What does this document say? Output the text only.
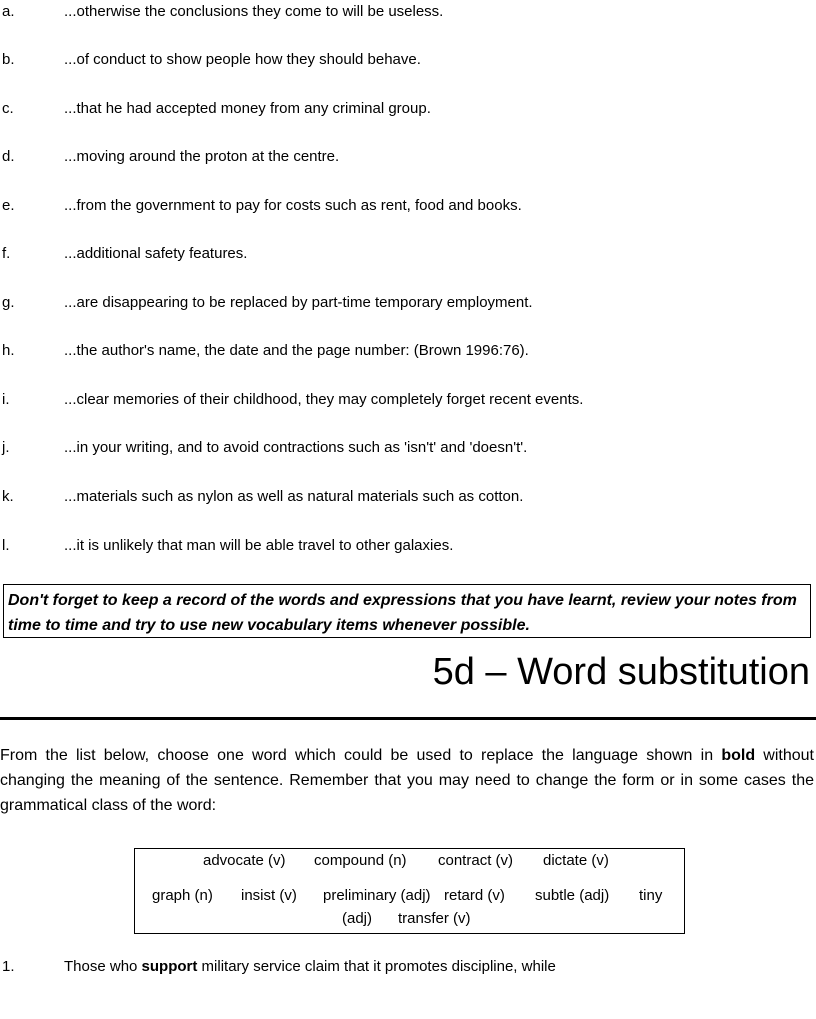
a.	...otherwise the conclusions they come to will be useless.
b.	...of conduct to show people how they should behave.
c.	...that he had accepted money from any criminal group.
d.	...moving around the proton at the centre.
e.	...from the government to pay for costs such as rent, food and books.
f.	...additional safety features.
g.	...are disappearing to be replaced by part-time temporary employment.
h.	...the author's name, the date and the page number: (Brown 1996:76).
i.	...clear memories of their childhood, they may completely forget recent events.
j.	...in your writing, and to avoid contractions such as 'isn't' and 'doesn't'.
k.	...materials such as nylon as well as natural materials such as cotton.
l.	...it is unlikely that man will be able travel to other galaxies.
Don't forget to keep a record of the words and expressions that you have learnt, review your notes from time to time and try to use new vocabulary items whenever possible.
5d – Word substitution
From the list below, choose one word which could be used to replace the language shown in bold without changing the meaning of the sentence. Remember that you may need to change the form or in some cases the grammatical class of the word:
advocate (v) compound (n) contract (v) dictate (v)
graph (n) insist (v) preliminary (adj) retard (v) subtle (adj) tiny
(adj) transfer (v)
1.	Those who support military service claim that it promotes discipline, while
